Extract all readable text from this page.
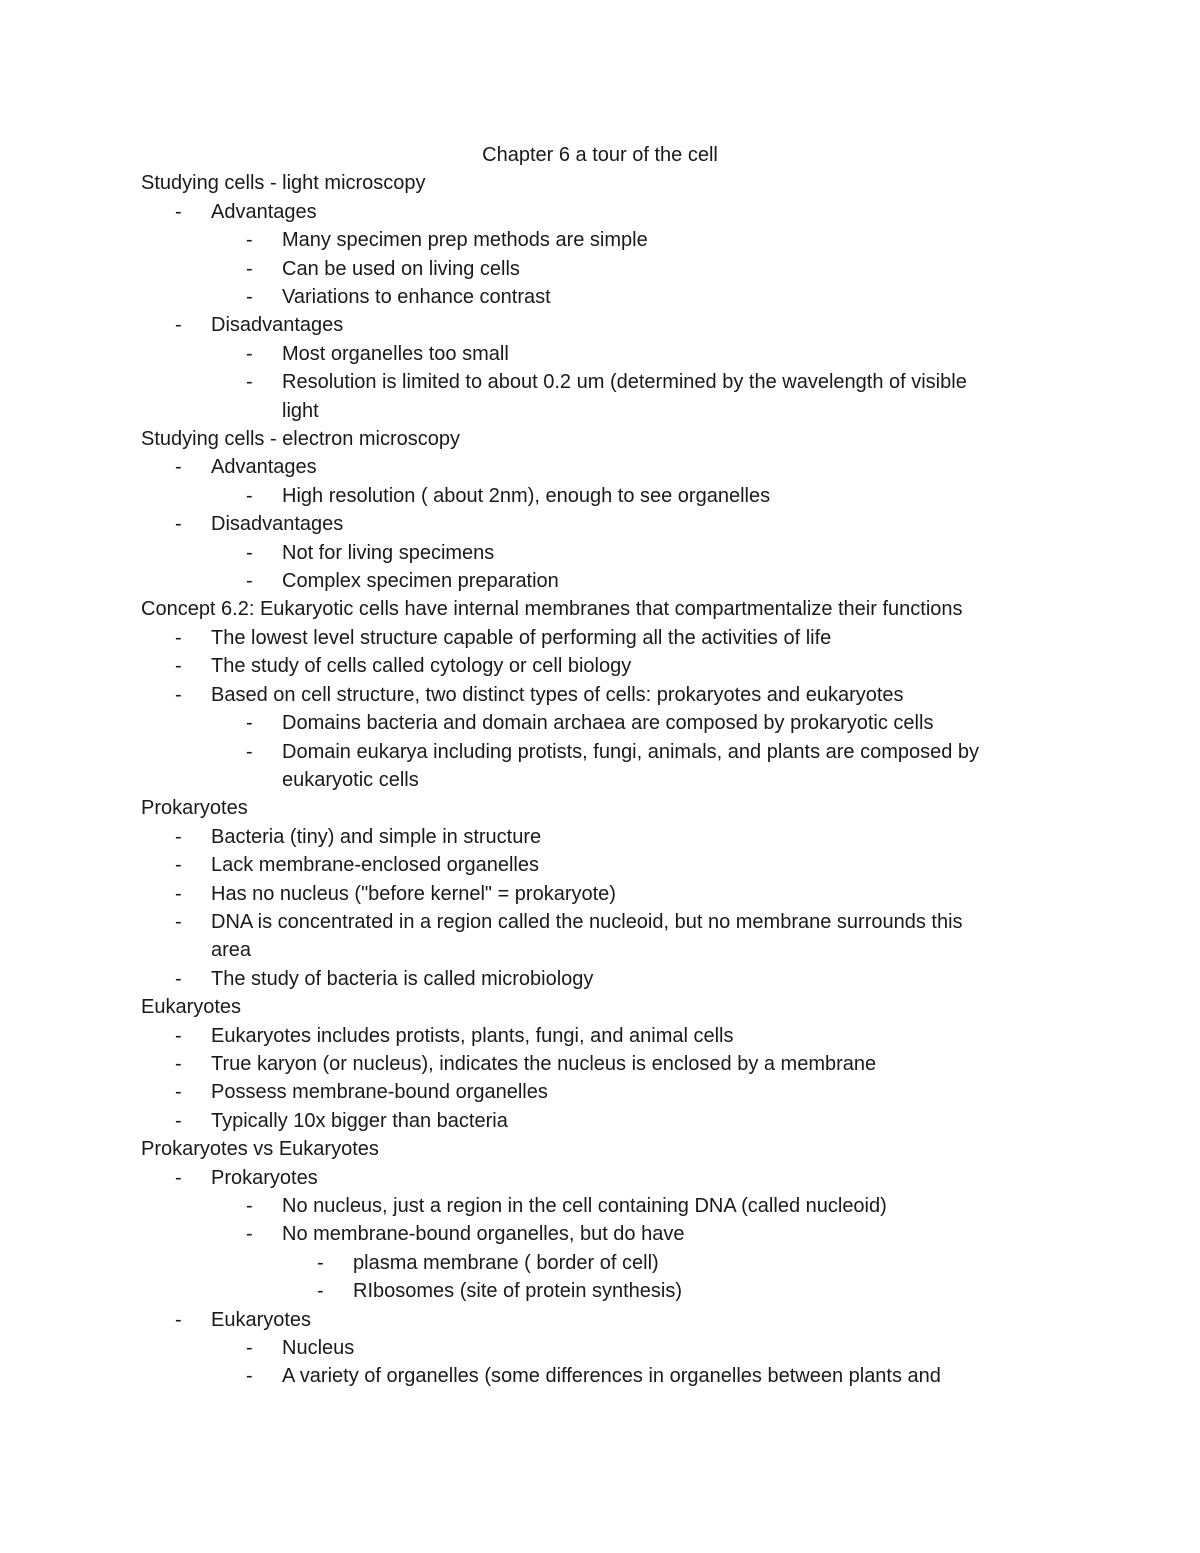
Chapter 6 a tour of the cell
Studying cells - light microscopy
- Advantages
- Many specimen prep methods are simple
- Can be used on living cells
- Variations to enhance contrast
- Disadvantages
- Most organelles too small
- Resolution is limited to about 0.2 um (determined by the wavelength of visible
light
Studying cells - electron microscopy
- Advantages
- High resolution ( about 2nm), enough to see organelles
- Disadvantages
- Not for living specimens
- Complex specimen preparation
Concept 6.2: Eukaryotic cells have internal membranes that compartmentalize their functions
- The lowest level structure capable of performing all the activities of life
- The study of cells called cytology or cell biology
- Based on cell structure, two distinct types of cells: prokaryotes and eukaryotes
- Domains bacteria and domain archaea are composed by prokaryotic cells
- Domain eukarya including protists, fungi, animals, and plants are composed by
eukaryotic cells
Prokaryotes
- Bacteria (tiny) and simple in structure
- Lack membrane-enclosed organelles
- Has no nucleus ("before kernel" = prokaryote)
- DNA is concentrated in a region called the nucleoid, but no membrane surrounds this
area
- The study of bacteria is called microbiology
Eukaryotes
- Eukaryotes includes protists, plants, fungi, and animal cells
- True karyon (or nucleus), indicates the nucleus is enclosed by a membrane
- Possess membrane-bound organelles
- Typically 10x bigger than bacteria
Prokaryotes vs Eukaryotes
- Prokaryotes
- No nucleus, just a region in the cell containing DNA (called nucleoid)
- No membrane-bound organelles, but do have
- plasma membrane ( border of cell)
- RIbosomes (site of protein synthesis)
- Eukaryotes
- Nucleus
- A variety of organelles (some differences in organelles between plants and
